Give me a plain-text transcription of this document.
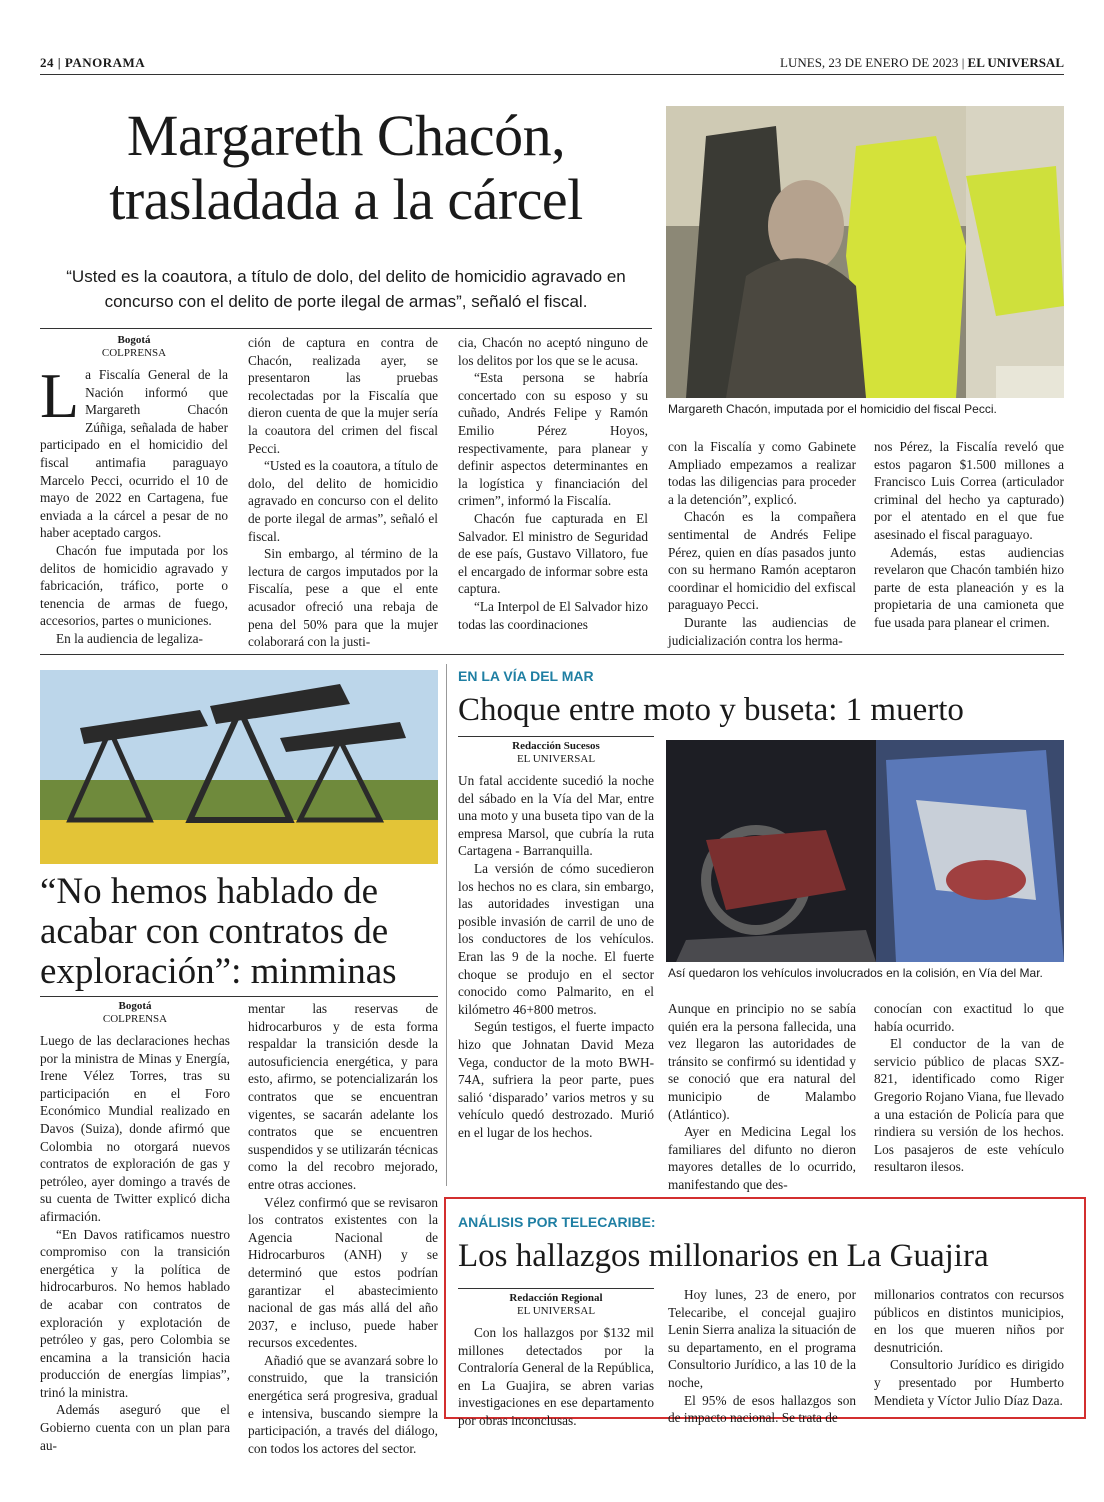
24 | PANORAMA	LUNES, 23 DE ENERO DE 2023 | EL UNIVERSAL
Margareth Chacón, trasladada a la cárcel
“Usted es la coautora, a título de dolo, del delito de homicidio agravado en concurso con el delito de porte ilegal de armas”, señaló el fiscal.
Margareth Chacón, imputada por el homicidio del fiscal Pecci.
Bogotá
COLPRENSA
L a Fiscalía General de la Nación informó que Margareth Chacón Zúñiga, señalada de haber participado en el homicidio del fiscal antimafia paraguayo Marcelo Pecci, ocurrido el 10 de mayo de 2022 en Cartagena, fue enviada a la cárcel a pesar de no haber aceptado cargos.

Chacón fue imputada por los delitos de homicidio agravado y fabricación, tráfico, porte o tenencia de armas de fuego, accesorios, partes o municiones.

En la audiencia de legaliza-

ción de captura en contra de Chacón, realizada ayer, se presentaron las pruebas recolectadas por la Fiscalía que dieron cuenta de que la mujer sería la coautora del crimen del fiscal Pecci.

“Usted es la coautora, a título de dolo, del delito de homicidio agravado en concurso con el delito de porte ilegal de armas”, señaló el fiscal.

Sin embargo, al término de la lectura de cargos imputados por la Fiscalía, pese a que el ente acusador ofreció una rebaja de pena del 50% para que la mujer colaborará con la justi-

cia, Chacón no aceptó ninguno de los delitos por los que se le acusa.

“Esta persona se habría concertado con su esposo y su cuñado, Andrés Felipe y Ramón Emilio Pérez Hoyos, respectivamente, para planear y definir aspectos determinantes en la logística y financiación del crimen”, informó la Fiscalía.

Chacón fue capturada en El Salvador. El ministro de Seguridad de ese país, Gustavo Villatoro, fue el encargado de informar sobre esta captura.

“La Interpol de El Salvador hizo todas las coordinaciones

con la Fiscalía y como Gabinete Ampliado empezamos a realizar todas las diligencias para proceder a la detención”, explicó.

Chacón es la compañera sentimental de Andrés Felipe Pérez, quien en días pasados junto con su hermano Ramón aceptaron coordinar el homicidio del exfiscal paraguayo Pecci.

Durante las audiencias de judicialización contra los herma-

nos Pérez, la Fiscalía reveló que estos pagaron $1.500 millones a Francisco Luis Correa (articulador criminal del hecho ya capturado) por el atentado en el que fue asesinado el fiscal paraguayo.

Además, estas audiencias revelaron que Chacón también hizo parte de esta planeación y es la propietaria de una camioneta que fue usada para planear el crimen.

“No hemos hablado de acabar con contratos de exploración”: minminas
Bogotá
COLPRENSA

Luego de las declaraciones hechas por la ministra de Minas y Energía, Irene Vélez Torres, tras su participación en el Foro Económico Mundial realizado en Davos (Suiza), donde afirmó que Colombia no otorgará nuevos contratos de exploración de gas y petróleo, ayer domingo a través de su cuenta de Twitter explicó dicha afirmación.

“En Davos ratificamos nuestro compromiso con la transición energética y la política de hidrocarburos. No hemos hablado de acabar con contratos de exploración y explotación de petróleo y gas, pero Colombia se encamina a la transición hacia producción de energías limpias”, trinó la ministra.

Además aseguró que el Gobierno cuenta con un plan para au-

mentar las reservas de hidrocarburos y de esta forma respaldar la transición desde la autosuficiencia energética, y para esto, afirmo, se potencializarán los contratos que se encuentran vigentes, se sacarán adelante los contratos que se encuentren suspendidos y se utilizarán técnicas como la del recobro mejorado, entre otras acciones.

Vélez confirmó que se revisaron los contratos existentes con la Agencia Nacional de Hidrocarburos (ANH) y se determinó que estos podrían garantizar el abastecimiento nacional de gas más allá del año 2037, e incluso, puede haber recursos excedentes.

Añadió que se avanzará sobre lo construido, que la transición energética será progresiva, gradual e intensiva, buscando siempre la participación, a través del diálogo, con todos los actores del sector.

EN LA VÍA DEL MAR
Choque entre moto y buseta: 1 muerto
Redacción Sucesos
EL UNIVERSAL

Un fatal accidente sucedió la noche del sábado en la Vía del Mar, entre una moto y una buseta tipo van de la empresa Marsol, que cubría la ruta Cartagena - Barranquilla.

La versión de cómo sucedieron los hechos no es clara, sin embargo, las autoridades investigan una posible invasión de carril de uno de los conductores de los vehículos. Eran las 9 de la noche. El fuerte choque se produjo en el sector conocido como Palmarito, en el kilómetro 46+800 metros.

Según testigos, el fuerte impacto hizo que Johnatan David Meza Vega, conductor de la moto BWH-74A, sufriera la peor parte, pues salió ‘disparado’ varios metros y su vehículo quedó destrozado. Murió en el lugar de los hechos.

Así quedaron los vehículos involucrados en la colisión, en Vía del Mar.

Aunque en principio no se sabía quién era la persona fallecida, una vez llegaron las autoridades de tránsito se confirmó su identidad y se conoció que era natural del municipio de Malambo (Atlántico).

Ayer en Medicina Legal los familiares del difunto no dieron mayores detalles de lo ocurrido, manifestando que des-

conocían con exactitud lo que había ocurrido.

El conductor de la van de servicio público de placas SXZ-821, identificado como Riger Gregorio Rojano Viana, fue llevado a una estación de Policía para que rindiera su versión de los hechos. Los pasajeros de este vehículo resultaron ilesos.

ANÁLISIS POR TELECARIBE:
Los hallazgos millonarios en La Guajira
Redacción Regional
EL UNIVERSAL

Con los hallazgos por $132 mil millones detectados por la Contraloría General de la República, en La Guajira, se abren varias investigaciones en ese departamento por obras inconclusas.

Hoy lunes, 23 de enero, por Telecaribe, el concejal guajiro Lenin Sierra analiza la situación de su departamento, en el programa Consultorio Jurídico, a las 10 de la noche,

El 95% de esos hallazgos son de impacto nacional. Se trata de

millonarios contratos con recursos públicos en distintos municipios, en los que mueren niños por desnutrición.

Consultorio Jurídico es dirigido y presentado por Humberto Mendieta y Víctor Julio Díaz Daza.
